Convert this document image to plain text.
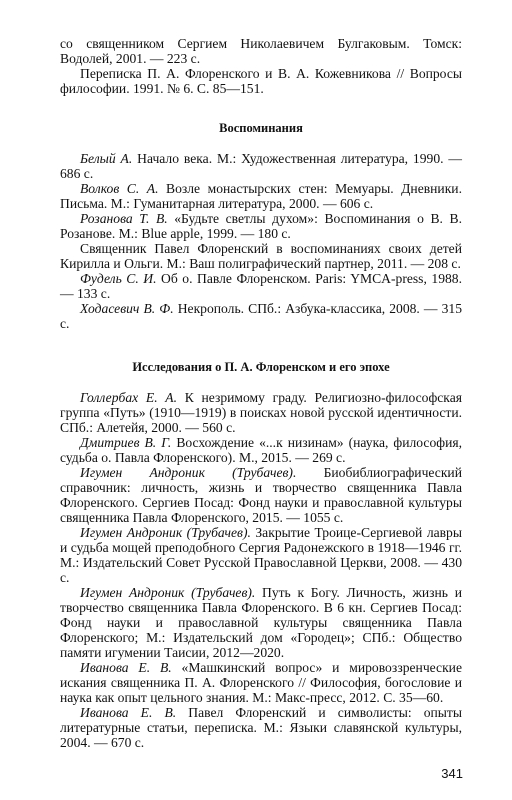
со священником Сергием Николаевичем Булгаковым. Томск: Водолей, 2001. — 223 с.

Переписка П. А. Флоренского и В. А. Кожевникова // Вопросы философии. 1991. № 6. С. 85—151.

Воспоминания

Белый А. Начало века. М.: Художественная литература, 1990. — 686 с.

Волков С. А. Возле монастырских стен: Мемуары. Дневники. Письма. М.: Гуманитарная литература, 2000. — 606 с.

Розанова Т. В. «Будьте светлы духом»: Воспоминания о В. В. Розанове. М.: Blue apple, 1999. — 180 с.

Священник Павел Флоренский в воспоминаниях своих детей Кирилла и Ольги. М.: Ваш полиграфический партнер, 2011. — 208 с.

Фудель С. И. Об о. Павле Флоренском. Paris: YMCA-press, 1988. — 133 с.

Ходасевич В. Ф. Некрополь. СПб.: Азбука-классика, 2008. — 315 с.

Исследования о П. А. Флоренском и его эпохе

Голлербах Е. А. К незримому граду. Религиозно-философская группа «Путь» (1910—1919) в поисках новой русской идентичности. СПб.: Алетейя, 2000. — 560 с.

Дмитриев В. Г. Восхождение «...к низинам» (наука, философия, судьба о. Павла Флоренского). М., 2015. — 269 с.

Игумен Андроник (Трубачев). Биобиблиографический справочник: личность, жизнь и творчество священника Павла Флоренского. Сергиев Посад: Фонд науки и православной культуры священника Павла Флоренского, 2015. — 1055 с.

Игумен Андроник (Трубачев). Закрытие Троице-Сергиевой лавры и судьба мощей преподобного Сергия Радонежского в 1918—1946 гг. М.: Издательский Совет Русской Православной Церкви, 2008. — 430 с.

Игумен Андроник (Трубачев). Путь к Богу. Личность, жизнь и творчество священника Павла Флоренского. В 6 кн. Сергиев Посад: Фонд науки и православной культуры священника Павла Флоренского; М.: Издательский дом «Городец»; СПб.: Общество памяти игумении Таисии, 2012—2020.

Иванова Е. В. «Машкинский вопрос» и мировоззренческие искания священника П. А. Флоренского // Философия, богословие и наука как опыт цельного знания. М.: Макс-пресс, 2012. С. 35—60.

Иванова Е. В. Павел Флоренский и символисты: опыты литературные статьи, переписка. М.: Языки славянской культуры, 2004. — 670 с.

341
